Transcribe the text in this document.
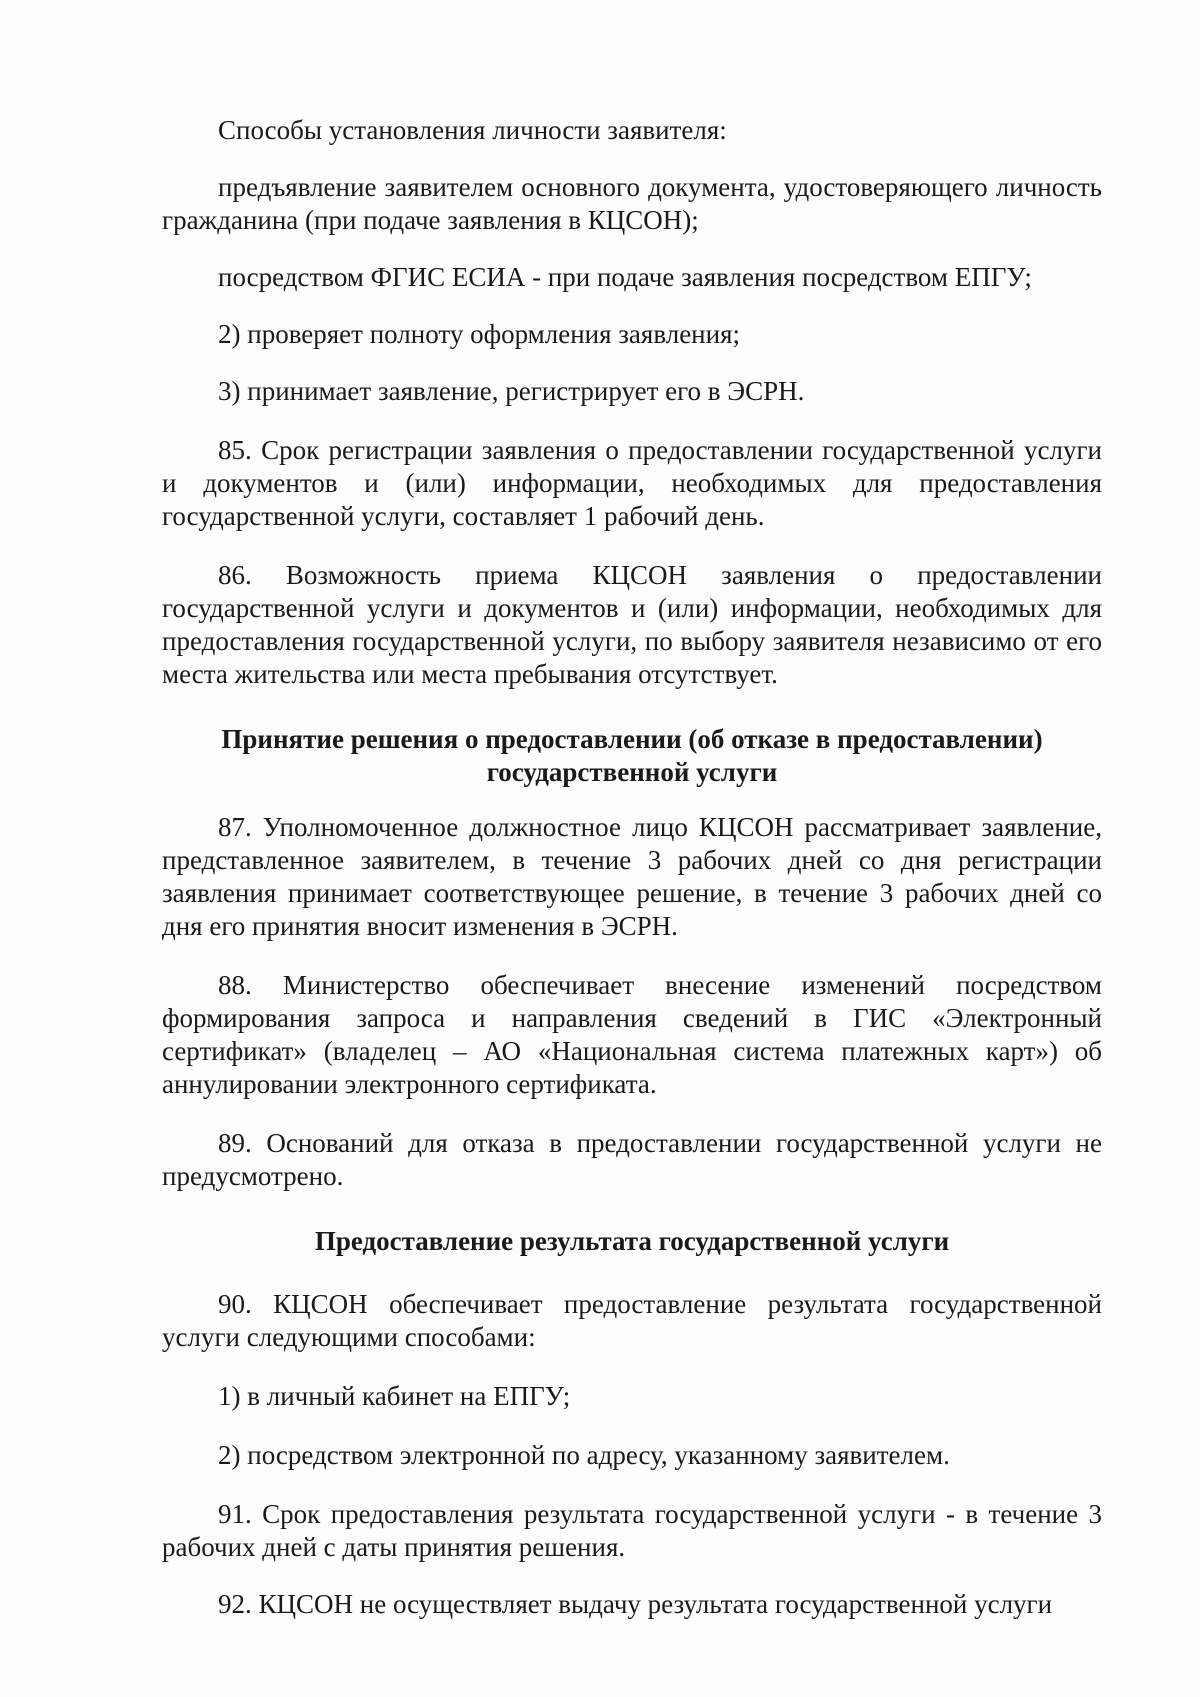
Способы установления личности заявителя:

предъявление заявителем основного документа, удостоверяющего личность гражданина (при подаче заявления в КЦСОН);

посредством ФГИС ЕСИА - при подаче заявления посредством ЕПГУ;

2) проверяет полноту оформления заявления;

3) принимает заявление, регистрирует его в ЭСРН.

85. Срок регистрации заявления о предоставлении государственной услуги и документов и (или) информации, необходимых для предоставления государственной услуги, составляет 1 рабочий день.

86. Возможность приема КЦСОН заявления о предоставлении государственной услуги и документов и (или) информации, необходимых для предоставления государственной услуги, по выбору заявителя независимо от его места жительства или места пребывания отсутствует.

Принятие решения о предоставлении (об отказе в предоставлении) государственной услуги

87. Уполномоченное должностное лицо КЦСОН рассматривает заявление, представленное заявителем, в течение 3 рабочих дней со дня регистрации заявления принимает соответствующее решение, в течение 3 рабочих дней со дня его принятия вносит изменения в ЭСРН.

88. Министерство обеспечивает внесение изменений посредством формирования запроса и направления сведений в ГИС «Электронный сертификат» (владелец – АО «Национальная система платежных карт») об аннулировании электронного сертификата.

89. Оснований для отказа в предоставлении государственной услуги не предусмотрено.

Предоставление результата государственной услуги

90. КЦСОН обеспечивает предоставление результата государственной услуги следующими способами:

1) в личный кабинет на ЕПГУ;

2) посредством электронной по адресу, указанному заявителем.

91. Срок предоставления результата государственной услуги - в течение 3 рабочих дней с даты принятия решения.

92. КЦСОН не осуществляет выдачу результата государственной услуги
